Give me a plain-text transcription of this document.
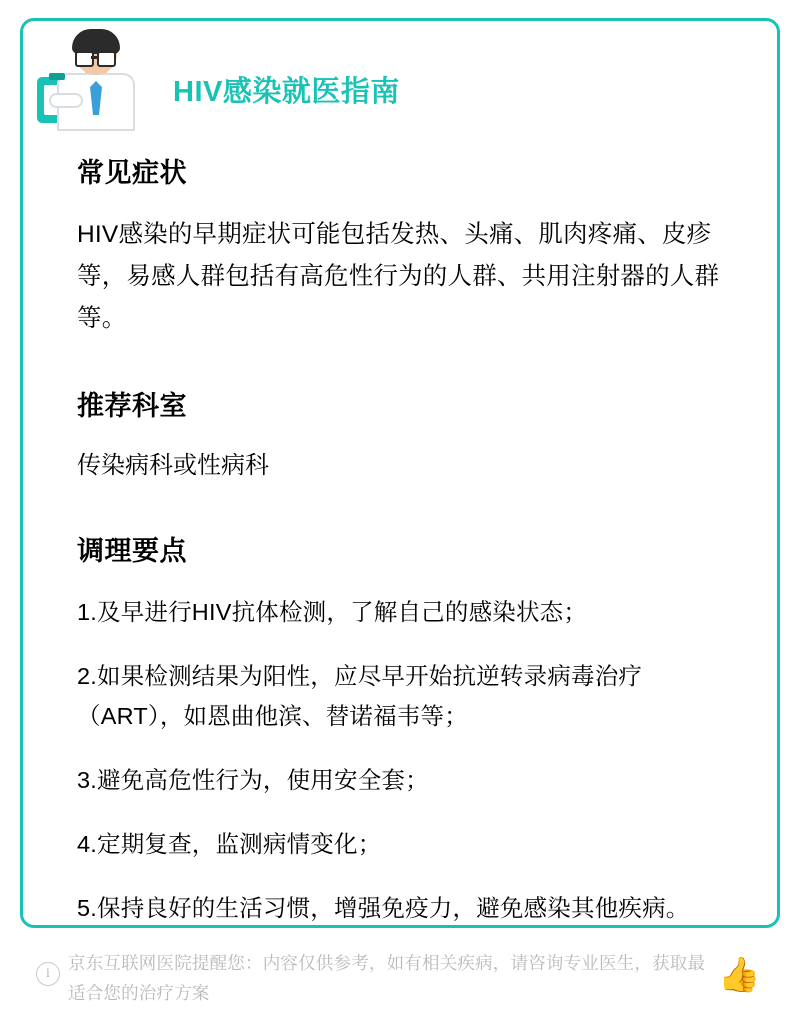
HIV感染就医指南
常见症状

HIV感染的早期症状可能包括发热、头痛、肌肉疼痛、皮疹等，易感人群包括有高危性行为的人群、共用注射器的人群等。

推荐科室

传染病科或性病科

调理要点

1.及早进行HIV抗体检测，了解自己的感染状态；

2.如果检测结果为阳性，应尽早开始抗逆转录病毒治疗（ART），如恩曲他滨、替诺福韦等；

3.避免高危性行为，使用安全套；

4.定期复查，监测病情变化；

5.保持良好的生活习惯，增强免疫力，避免感染其他疾病。

i
京东互联网医院提醒您：内容仅供参考，如有相关疾病，请咨询专业医生，获取最适合您的治疗方案	👍
